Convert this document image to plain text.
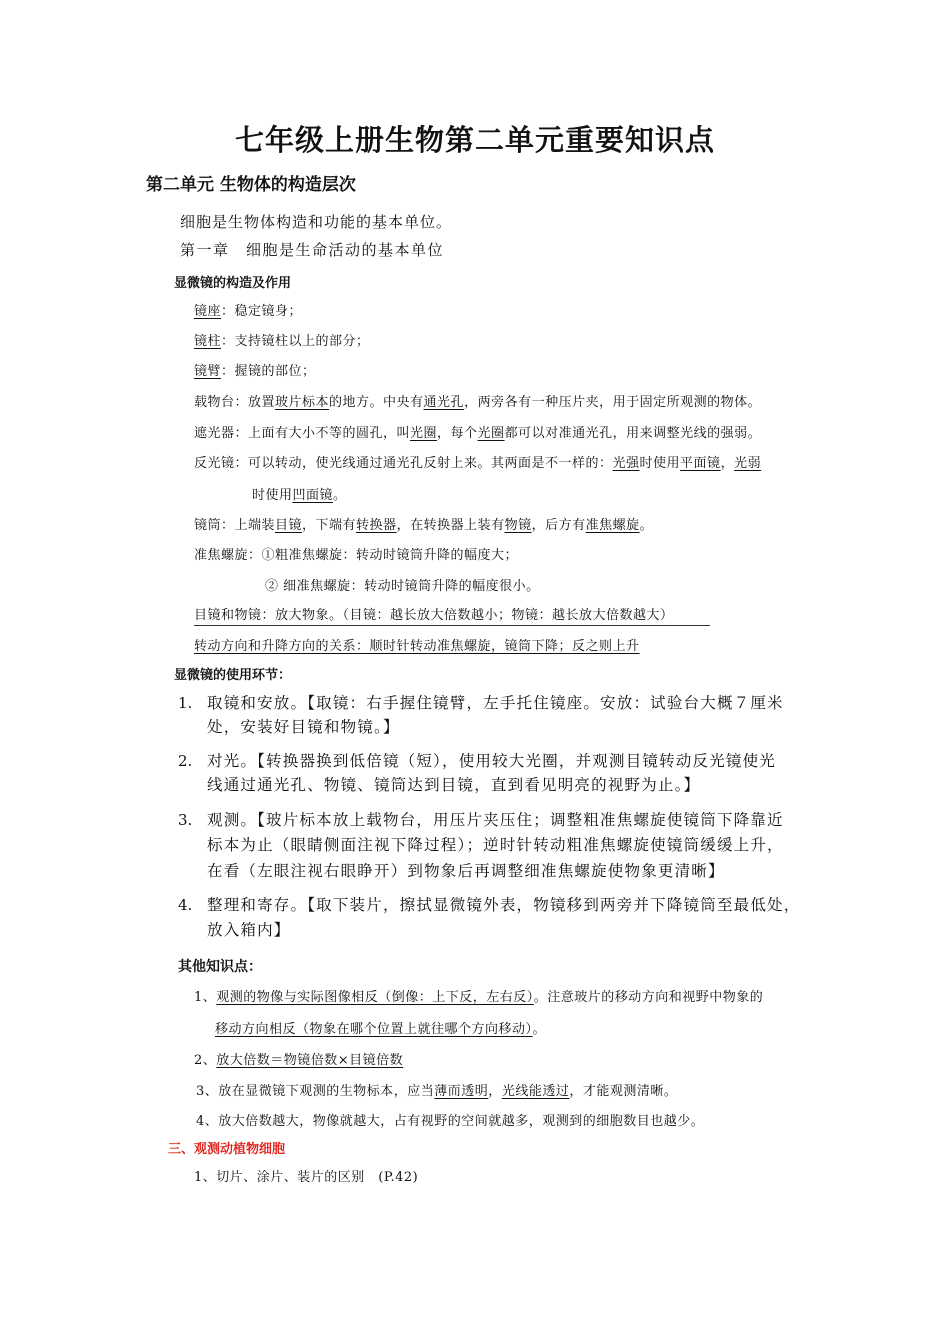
七年级上册生物第二单元重要知识点
第二单元 生物体的构造层次
细胞是生物体构造和功能的基本单位。
第一章　细胞是生命活动的基本单位
显微镜的构造及作用
镜座：稳定镜身；
镜柱：支持镜柱以上的部分；
镜臂：握镜的部位；
载物台：放置玻片标本的地方。中央有通光孔，两旁各有一种压片夹，用于固定所观测的物体。
遮光器：上面有大小不等的圆孔，叫光圈，每个光圈都可以对准通光孔，用来调整光线的强弱。
反光镜：可以转动，使光线通过通光孔反射上来。其两面是不一样的：光强时使用平面镜，光弱
时使用凹面镜。
镜筒：上端装目镜，下端有转换器，在转换器上装有物镜，后方有准焦螺旋。
准焦螺旋：①粗准焦螺旋：转动时镜筒升降的幅度大；
② 细准焦螺旋：转动时镜筒升降的幅度很小。
目镜和物镜：放大物象。（目镜：越长放大倍数越小；物镜：越长放大倍数越大）
转动方向和升降方向的关系：顺时针转动准焦螺旋，镜筒下降；反之则上升
显微镜的使用环节：
1. 取镜和安放。【取镜：右手握住镜臂，左手托住镜座。安放：试验台大概７厘米
处，安装好目镜和物镜。】
2. 对光。【转换器换到低倍镜（短），使用较大光圈，并观测目镜转动反光镜使光
线通过通光孔、物镜、镜筒达到目镜，直到看见明亮的视野为止。】
3. 观测。【玻片标本放上载物台，用压片夹压住；调整粗准焦螺旋使镜筒下降靠近
标本为止（眼睛侧面注视下降过程）；逆时针转动粗准焦螺旋使镜筒缓缓上升，
在看（左眼注视右眼睁开）到物象后再调整细准焦螺旋使物象更清晰】
4. 整理和寄存。【取下装片，擦拭显微镜外表，物镜移到两旁并下降镜筒至最低处，
放入箱内】
其他知识点：
1、观测的物像与实际图像相反（倒像：上下反，左右反）。注意玻片的移动方向和视野中物象的
移动方向相反（物象在哪个位置上就往哪个方向移动）。
2、放大倍数＝物镜倍数×目镜倍数
3、放在显微镜下观测的生物标本，应当薄而透明，光线能透过，才能观测清晰。
4、放大倍数越大，物像就越大，占有视野的空间就越多，观测到的细胞数目也越少。
三、观测动植物细胞
1、切片、涂片、装片的区别　(P.42)
